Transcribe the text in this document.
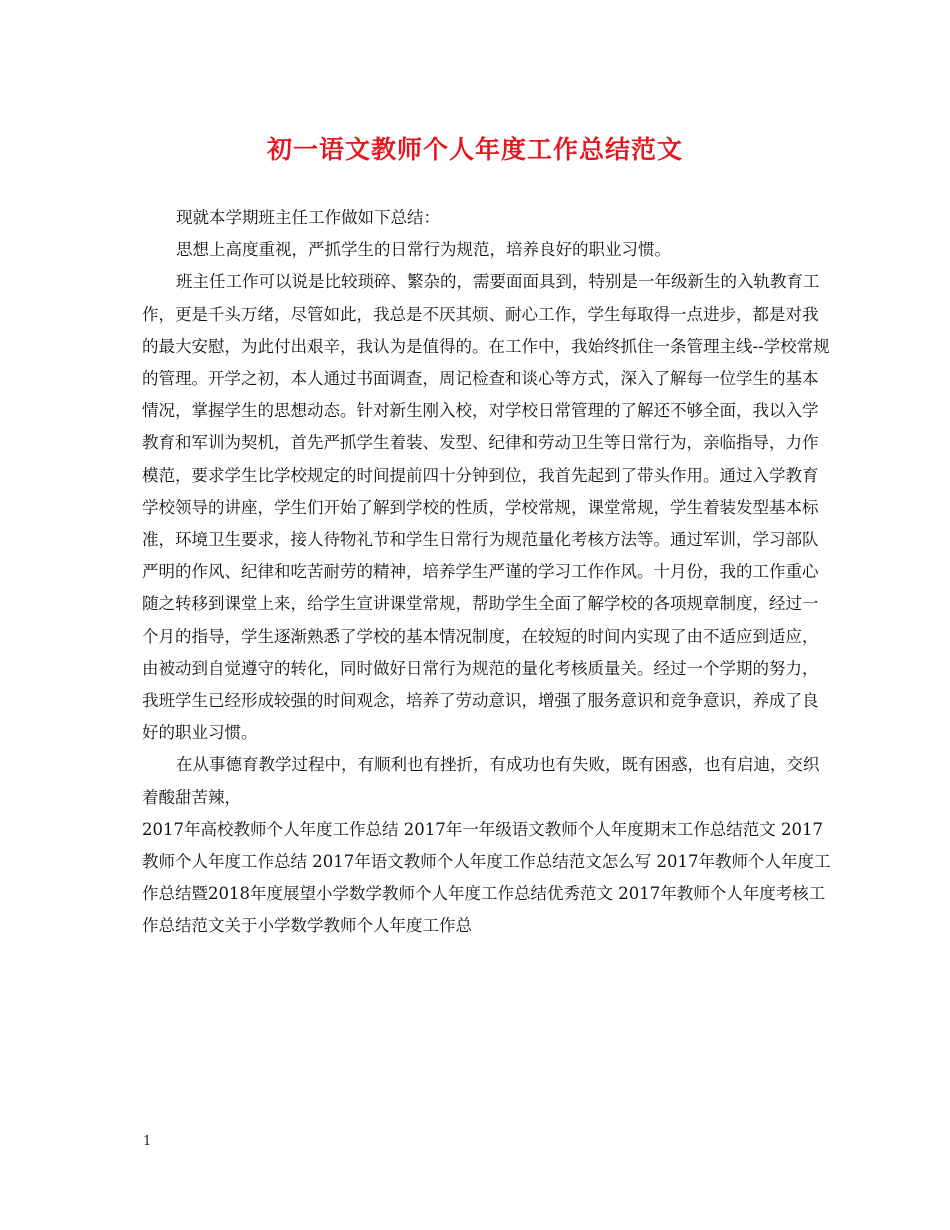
初一语文教师个人年度工作总结范文

现就本学期班主任工作做如下总结：

思想上高度重视，严抓学生的日常行为规范，培养良好的职业习惯。

班主任工作可以说是比较琐碎、繁杂的，需要面面具到，特别是一年级新生的入轨教育工作，更是千头万绪，尽管如此，我总是不厌其烦、耐心工作，学生每取得一点进步，都是对我的最大安慰，为此付出艰辛，我认为是值得的。在工作中，我始终抓住一条管理主线--学校常规的管理。开学之初，本人通过书面调查，周记检查和谈心等方式，深入了解每一位学生的基本情况，掌握学生的思想动态。针对新生刚入校，对学校日常管理的了解还不够全面，我以入学教育和军训为契机，首先严抓学生着装、发型、纪律和劳动卫生等日常行为，亲临指导，力作模范，要求学生比学校规定的时间提前四十分钟到位，我首先起到了带头作用。通过入学教育学校领导的讲座，学生们开始了解到学校的性质，学校常规，课堂常规，学生着装发型基本标准，环境卫生要求，接人待物礼节和学生日常行为规范量化考核方法等。通过军训，学习部队严明的作风、纪律和吃苦耐劳的精神，培养学生严谨的学习工作作风。十月份，我的工作重心随之转移到课堂上来，给学生宣讲课堂常规，帮助学生全面了解学校的各项规章制度，经过一个月的指导，学生逐渐熟悉了学校的基本情况制度，在较短的时间内实现了由不适应到适应，由被动到自觉遵守的转化，同时做好日常行为规范的量化考核质量关。经过一个学期的努力，我班学生已经形成较强的时间观念，培养了劳动意识，增强了服务意识和竞争意识，养成了良好的职业习惯。

在从事德育教学过程中，有顺利也有挫折，有成功也有失败，既有困惑，也有启迪，交织着酸甜苦辣，

2017年高校教师个人年度工作总结 2017年一年级语文教师个人年度期末工作总结范文 2017教师个人年度工作总结 2017年语文教师个人年度工作总结范文怎么写 2017年教师个人年度工作总结暨2018年度展望小学数学教师个人年度工作总结优秀范文 2017年教师个人年度考核工作总结范文关于小学数学教师个人年度工作总

1
